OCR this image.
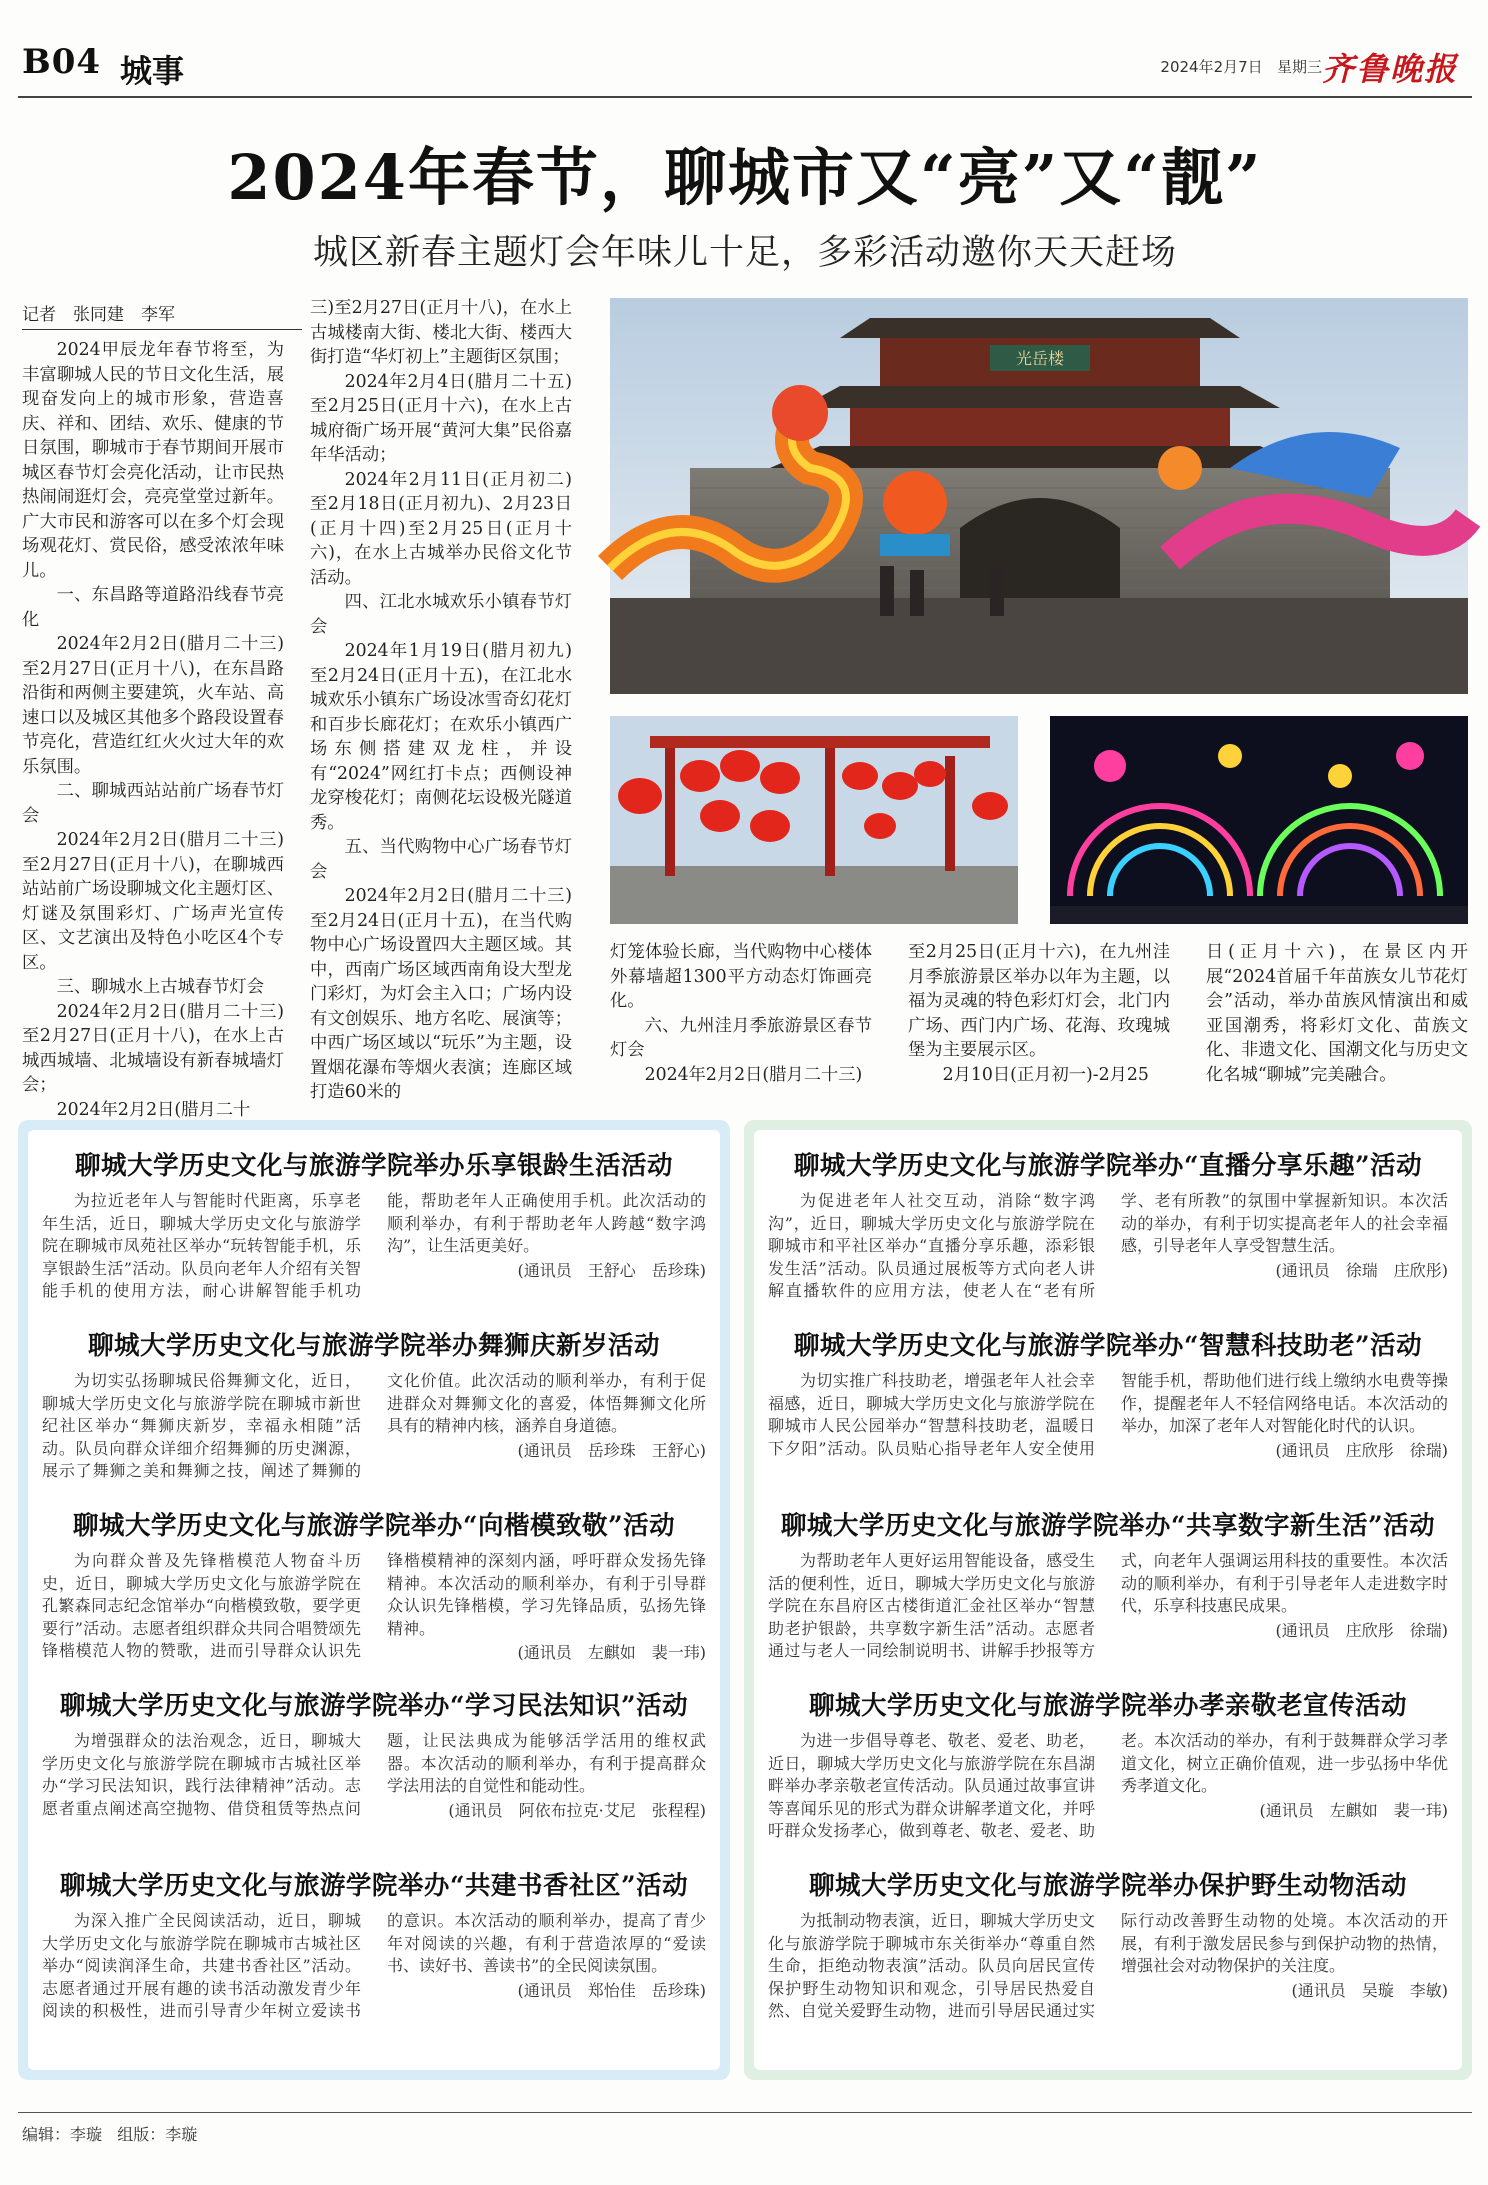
B04 城事	2024年2月7日 星期三 齐鲁晚报
2024年春节，聊城市又“亮”又“靓”
城区新春主题灯会年味儿十足，多彩活动邀你天天赶场
记者　张同建　李军

2024甲辰龙年春节将至，为丰富聊城人民的节日文化生活，展现奋发向上的城市形象，营造喜庆、祥和、团结、欢乐、健康的节日氛围，聊城市于春节期间开展市城区春节灯会亮化活动，让市民热热闹闹逛灯会，亮亮堂堂过新年。广大市民和游客可以在多个灯会现场观花灯、赏民俗，感受浓浓年味儿。

一、东昌路等道路沿线春节亮化

2024年2月2日(腊月二十三)至2月27日(正月十八)，在东昌路沿街和两侧主要建筑，火车站、高速口以及城区其他多个路段设置春节亮化，营造红红火火过大年的欢乐氛围。

二、聊城西站站前广场春节灯会

2024年2月2日(腊月二十三)至2月27日(正月十八)，在聊城西站站前广场设聊城文化主题灯区、灯谜及氛围彩灯、广场声光宣传区、文艺演出及特色小吃区4个专区。

三、聊城水上古城春节灯会

2024年2月2日(腊月二十三)至2月27日(正月十八)，在水上古城西城墙、北城墙设有新春城墙灯会；

2024年2月2日(腊月二十

三)至2月27日(正月十八)，在水上古城楼南大街、楼北大街、楼西大街打造“华灯初上”主题街区氛围；

2024年2月4日(腊月二十五)至2月25日(正月十六)，在水上古城府衙广场开展“黄河大集”民俗嘉年华活动；

2024年2月11日(正月初二)至2月18日(正月初九)、2月23日(正月十四)至2月25日(正月十六)，在水上古城举办民俗文化节活动。

四、江北水城欢乐小镇春节灯会

2024年1月19日(腊月初九)至2月24日(正月十五)，在江北水城欢乐小镇东广场设冰雪奇幻花灯和百步长廊花灯；在欢乐小镇西广场东侧搭建双龙柱，并设有“2024”网红打卡点；西侧设神龙穿梭花灯；南侧花坛设极光隧道秀。

五、当代购物中心广场春节灯会

2024年2月2日(腊月二十三)至2月24日(正月十五)，在当代购物中心广场设置四大主题区域。其中，西南广场区域西南角设大型龙门彩灯，为灯会主入口；广场内设有文创娱乐、地方名吃、展演等；中西广场区域以“玩乐”为主题，设置烟花瀑布等烟火表演；连廊区域打造60米的

灯笼体验长廊，当代购物中心楼体外幕墙超1300平方动态灯饰画亮化。

六、九州洼月季旅游景区春节灯会

2024年2月2日(腊月二十三)

至2月25日(正月十六)，在九州洼月季旅游景区举办以年为主题，以福为灵魂的特色彩灯灯会，北门内广场、西门内广场、花海、玫瑰城堡为主要展示区。

2月10日(正月初一)-2月25

日(正月十六)，在景区内开展“2024首届千年苗族女儿节花灯会”活动，举办苗族风情演出和威亚国潮秀，将彩灯文化、苗族文化、非遗文化、国潮文化与历史文化名城“聊城”完美融合。

光岳楼
聊城大学历史文化与旅游学院举办乐享银龄生活活动

为拉近老年人与智能时代距离，乐享老年生活，近日，聊城大学历史文化与旅游学院在聊城市凤苑社区举办“玩转智能手机，乐享银龄生活”活动。队员向老年人介绍有关智能手机的使用方法，耐心讲解智能手机功能，帮助老年人正确使用手机。此次活动的顺利举办，有利于帮助老年人跨越“数字鸿沟”，让生活更美好。

(通讯员　王舒心　岳珍珠)

聊城大学历史文化与旅游学院举办舞狮庆新岁活动

为切实弘扬聊城民俗舞狮文化，近日，聊城大学历史文化与旅游学院在聊城市新世纪社区举办“舞狮庆新岁，幸福永相随”活动。队员向群众详细介绍舞狮的历史渊源，展示了舞狮之美和舞狮之技，阐述了舞狮的文化价值。此次活动的顺利举办，有利于促进群众对舞狮文化的喜爱，体悟舞狮文化所具有的精神内核，涵养自身道德。

(通讯员　岳珍珠　王舒心)

聊城大学历史文化与旅游学院举办“向楷模致敬”活动

为向群众普及先锋楷模范人物奋斗历史，近日，聊城大学历史文化与旅游学院在孔繁森同志纪念馆举办“向楷模致敬，要学更要行”活动。志愿者组织群众共同合唱赞颂先锋楷模范人物的赞歌，进而引导群众认识先锋楷模精神的深刻内涵，呼吁群众发扬先锋精神。本次活动的顺利举办，有利于引导群众认识先锋楷模，学习先锋品质，弘扬先锋精神。

(通讯员　左麒如　裴一玮)

聊城大学历史文化与旅游学院举办“学习民法知识”活动

为增强群众的法治观念，近日，聊城大学历史文化与旅游学院在聊城市古城社区举办“学习民法知识，践行法律精神”活动。志愿者重点阐述高空抛物、借贷租赁等热点问题，让民法典成为能够活学活用的维权武器。本次活动的顺利举办，有利于提高群众学法用法的自觉性和能动性。

(通讯员　阿依布拉克·艾尼　张程程)

聊城大学历史文化与旅游学院举办“共建书香社区”活动

为深入推广全民阅读活动，近日，聊城大学历史文化与旅游学院在聊城市古城社区举办“阅读润泽生命，共建书香社区”活动。志愿者通过开展有趣的读书活动激发青少年阅读的积极性，进而引导青少年树立爱读书的意识。本次活动的顺利举办，提高了青少年对阅读的兴趣，有利于营造浓厚的“爱读书、读好书、善读书”的全民阅读氛围。

(通讯员　郑怡佳　岳珍珠)

聊城大学历史文化与旅游学院举办“直播分享乐趣”活动

为促进老年人社交互动，消除“数字鸿沟”，近日，聊城大学历史文化与旅游学院在聊城市和平社区举办“直播分享乐趣，添彩银发生活”活动。队员通过展板等方式向老人讲解直播软件的应用方法，使老人在“老有所学、老有所教”的氛围中掌握新知识。本次活动的举办，有利于切实提高老年人的社会幸福感，引导老年人享受智慧生活。

(通讯员　徐瑞　庄欣彤)

聊城大学历史文化与旅游学院举办“智慧科技助老”活动

为切实推广科技助老，增强老年人社会幸福感，近日，聊城大学历史文化与旅游学院在聊城市人民公园举办“智慧科技助老，温暖日下夕阳”活动。队员贴心指导老年人安全使用智能手机，帮助他们进行线上缴纳水电费等操作，提醒老年人不轻信网络电话。本次活动的举办，加深了老年人对智能化时代的认识。

(通讯员　庄欣彤　徐瑞)

聊城大学历史文化与旅游学院举办“共享数字新生活”活动

为帮助老年人更好运用智能设备，感受生活的便利性，近日，聊城大学历史文化与旅游学院在东昌府区古楼街道汇金社区举办“智慧助老护银龄，共享数字新生活”活动。志愿者通过与老人一同绘制说明书、讲解手抄报等方式，向老年人强调运用科技的重要性。本次活动的顺利举办，有利于引导老年人走进数字时代，乐享科技惠民成果。

(通讯员　庄欣彤　徐瑞)

聊城大学历史文化与旅游学院举办孝亲敬老宣传活动

为进一步倡导尊老、敬老、爱老、助老，近日，聊城大学历史文化与旅游学院在东昌湖畔举办孝亲敬老宣传活动。队员通过故事宣讲等喜闻乐见的形式为群众讲解孝道文化，并呼吁群众发扬孝心，做到尊老、敬老、爱老、助老。本次活动的举办，有利于鼓舞群众学习孝道文化，树立正确价值观，进一步弘扬中华优秀孝道文化。

(通讯员　左麒如　裴一玮)

聊城大学历史文化与旅游学院举办保护野生动物活动

为抵制动物表演，近日，聊城大学历史文化与旅游学院于聊城市东关街举办“尊重自然生命，拒绝动物表演”活动。队员向居民宣传保护野生动物知识和观念，引导居民热爱自然、自觉关爱野生动物，进而引导居民通过实际行动改善野生动物的处境。本次活动的开展，有利于激发居民参与到保护动物的热情，增强社会对动物保护的关注度。

(通讯员　吴璇　李敏)

编辑：李璇 组版：李璇
